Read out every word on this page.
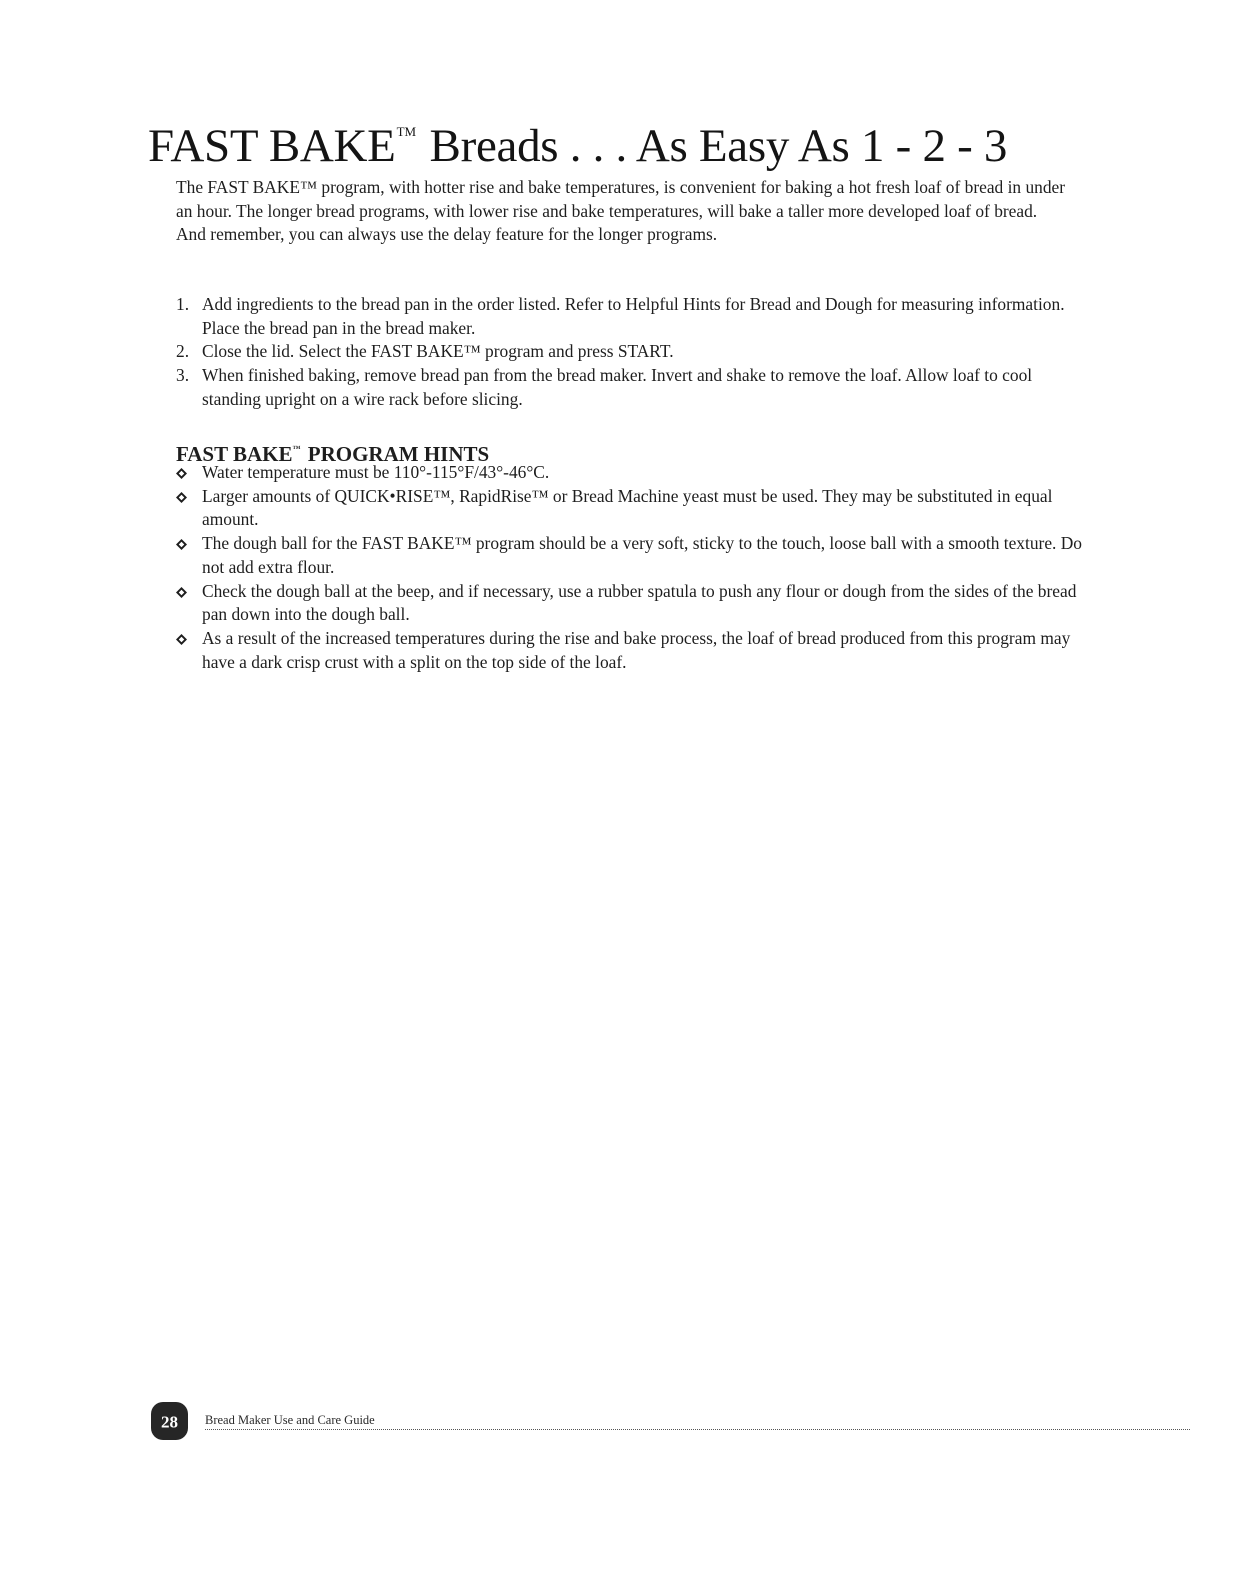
FAST BAKE™ Breads . . . As Easy As 1 - 2 - 3

The FAST BAKE™ program, with hotter rise and bake temperatures, is convenient for baking a hot fresh loaf of bread in under an hour. The longer bread programs, with lower rise and bake temperatures, will bake a taller more developed loaf of bread. And remember, you can always use the delay feature for the longer programs.

1. Add ingredients to the bread pan in the order listed. Refer to Helpful Hints for Bread and Dough for measuring information. Place the bread pan in the bread maker.
2. Close the lid. Select the FAST BAKE™ program and press START.
3. When finished baking, remove bread pan from the bread maker. Invert and shake to remove the loaf. Allow loaf to cool standing upright on a wire rack before slicing.
FAST BAKE™ PROGRAM HINTS
Water temperature must be 110°-115°F/43°-46°C.
Larger amounts of QUICK•RISE™, RapidRise™ or Bread Machine yeast must be used. They may be substituted in equal amount.
The dough ball for the FAST BAKE™ program should be a very soft, sticky to the touch, loose ball with a smooth texture. Do not add extra flour.
Check the dough ball at the beep, and if necessary, use a rubber spatula to push any flour or dough from the sides of the bread pan down into the dough ball.
As a result of the increased temperatures during the rise and bake process, the loaf of bread produced from this program may have a dark crisp crust with a split on the top side of the loaf.
28 Bread Maker Use and Care Guide
